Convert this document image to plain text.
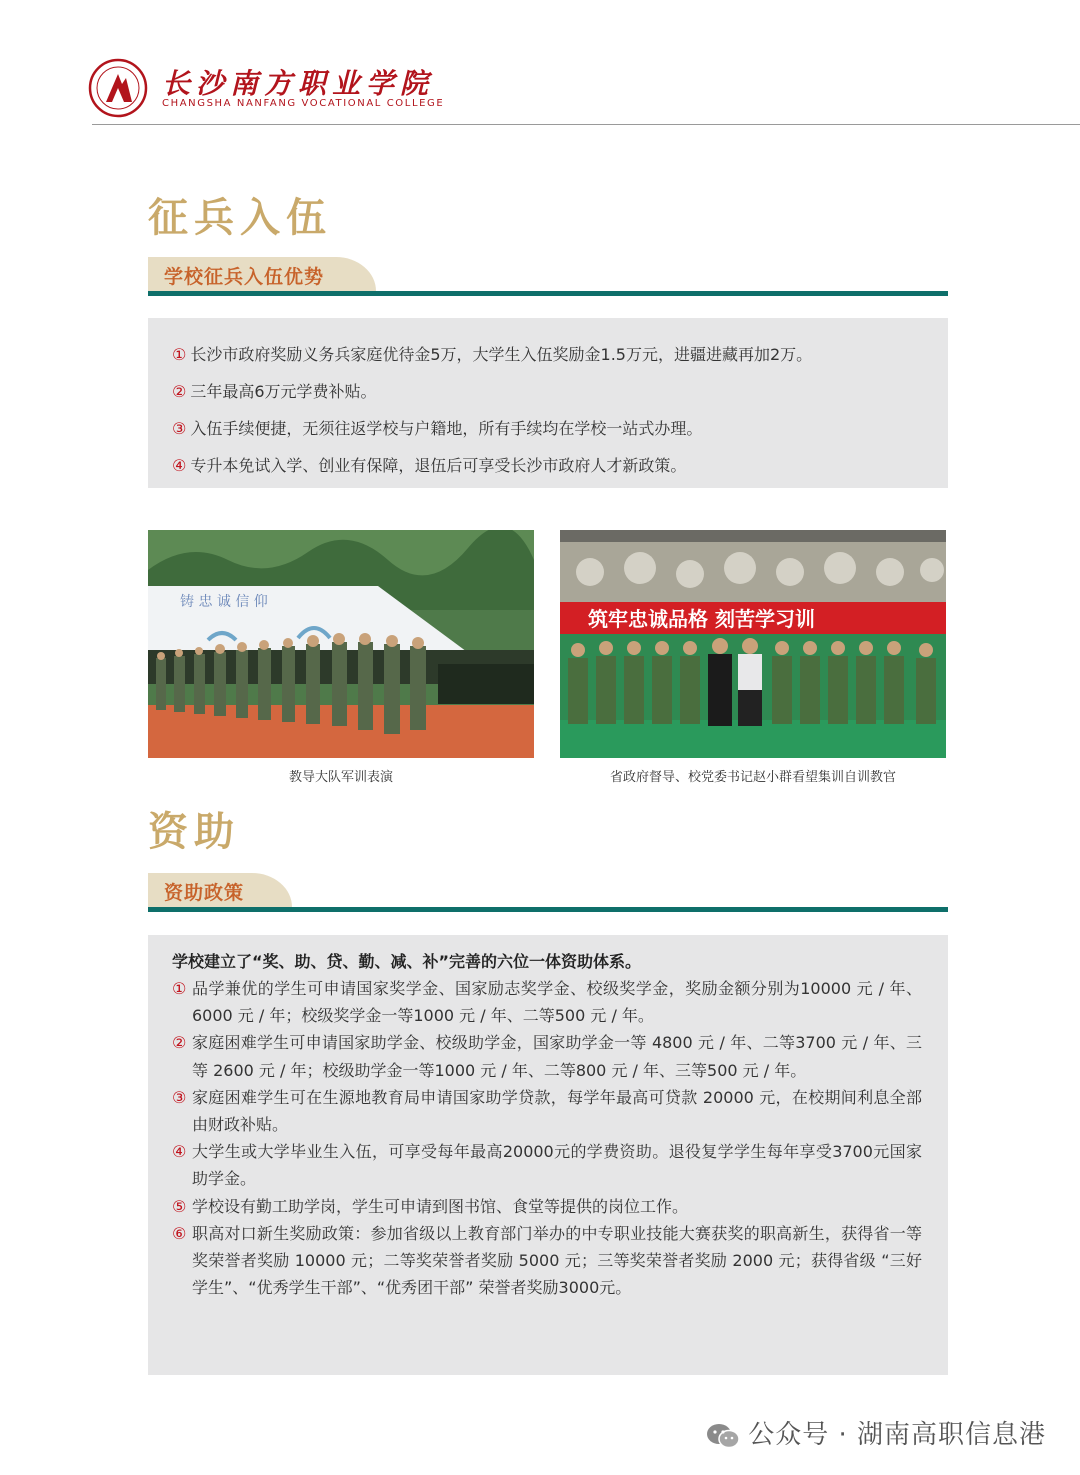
长沙南方职业学院
CHANGSHA NANFANG VOCATIONAL COLLEGE
征兵入伍
学校征兵入伍优势
① 长沙市政府奖励义务兵家庭优待金5万，大学生入伍奖励金1.5万元，进疆进藏再加2万。
② 三年最高6万元学费补贴。
③ 入伍手续便捷，无须往返学校与户籍地，所有手续均在学校一站式办理。
④ 专升本免试入学、创业有保障，退伍后可享受长沙市政府人才新政策。
铸 忠 诚 信 仰
教导大队军训表演
筑牢忠诚品格 刻苦学习训
省政府督导、校党委书记赵小群看望集训自训教官
资助
资助政策
学校建立了“奖、助、贷、勤、减、补”完善的六位一体资助体系。
① 品学兼优的学生可申请国家奖学金、国家励志奖学金、校级奖学金，奖励金额分别为10000 元 / 年、6000 元 / 年；校级奖学金一等1000 元 / 年、二等500 元 / 年。
② 家庭困难学生可申请国家助学金、校级助学金，国家助学金一等 4800 元 / 年、二等3700 元 / 年、三等 2600 元 / 年；校级助学金一等1000 元 / 年、二等800 元 / 年、三等500 元 / 年。
③ 家庭困难学生可在生源地教育局申请国家助学贷款，每学年最高可贷款 20000 元，在校期间利息全部由财政补贴。
④ 大学生或大学毕业生入伍，可享受每年最高20000元的学费资助。退役复学学生每年享受3700元国家助学金。
⑤ 学校设有勤工助学岗，学生可申请到图书馆、食堂等提供的岗位工作。
⑥ 职高对口新生奖励政策：参加省级以上教育部门举办的中专职业技能大赛获奖的职高新生，获得省一等奖荣誉者奖励 10000 元；二等奖荣誉者奖励 5000 元；三等奖荣誉者奖励 2000 元；获得省级 “三好学生”、“优秀学生干部”、“优秀团干部” 荣誉者奖励3000元。
公众号 · 湖南高职信息港
